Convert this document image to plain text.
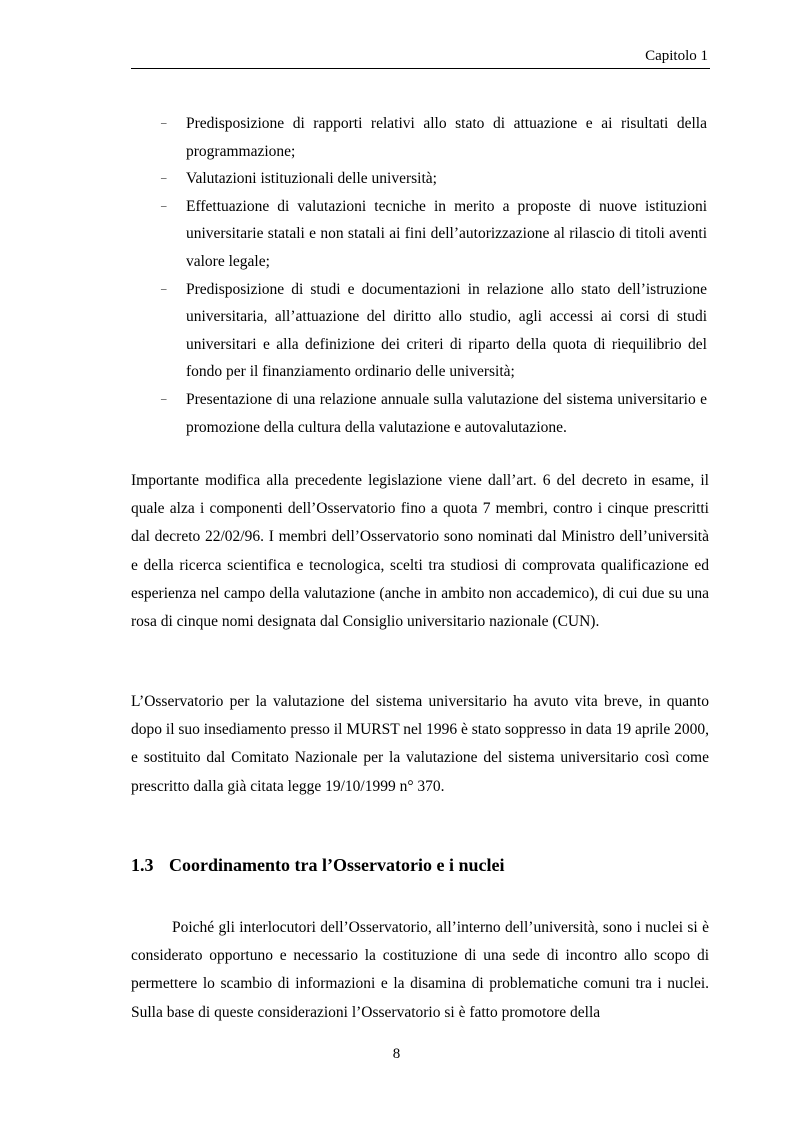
Capitolo 1
– Predisposizione di rapporti relativi allo stato di attuazione e ai risultati della programmazione;
– Valutazioni istituzionali delle università;
– Effettuazione di valutazioni tecniche in merito a proposte di nuove istituzioni universitarie statali e non statali ai fini dell’autorizzazione al rilascio di titoli aventi valore legale;
– Predisposizione di studi e documentazioni in relazione allo stato dell’istruzione universitaria, all’attuazione del diritto allo studio, agli accessi ai corsi di studi universitari e alla definizione dei criteri di riparto della quota di riequilibrio del fondo per il finanziamento ordinario delle università;
– Presentazione di una relazione annuale sulla valutazione del sistema universitario e promozione della cultura della valutazione e autovalutazione.

Importante modifica alla precedente legislazione viene dall’art. 6 del decreto in esame, il quale alza i componenti dell’Osservatorio fino a quota 7 membri, contro i cinque prescritti dal decreto 22/02/96. I membri dell’Osservatorio sono nominati dal Ministro dell’università e della ricerca scientifica e tecnologica, scelti tra studiosi di comprovata qualificazione ed esperienza nel campo della valutazione (anche in ambito non accademico), di cui due su una rosa di cinque nomi designata dal Consiglio universitario nazionale (CUN).

L’Osservatorio per la valutazione del sistema universitario ha avuto vita breve, in quanto dopo il suo insediamento presso il MURST nel 1996 è stato soppresso in data 19 aprile 2000, e sostituito dal Comitato Nazionale per la valutazione del sistema universitario così come prescritto dalla già citata legge 19/10/1999 n° 370.

1.3 Coordinamento tra l’Osservatorio e i nuclei

Poiché gli interlocutori dell’Osservatorio, all’interno dell’università, sono i nuclei si è considerato opportuno e necessario la costituzione di una sede di incontro allo scopo di permettere lo scambio di informazioni e la disamina di problematiche comuni tra i nuclei. Sulla base di queste considerazioni l’Osservatorio si è fatto promotore della

8
